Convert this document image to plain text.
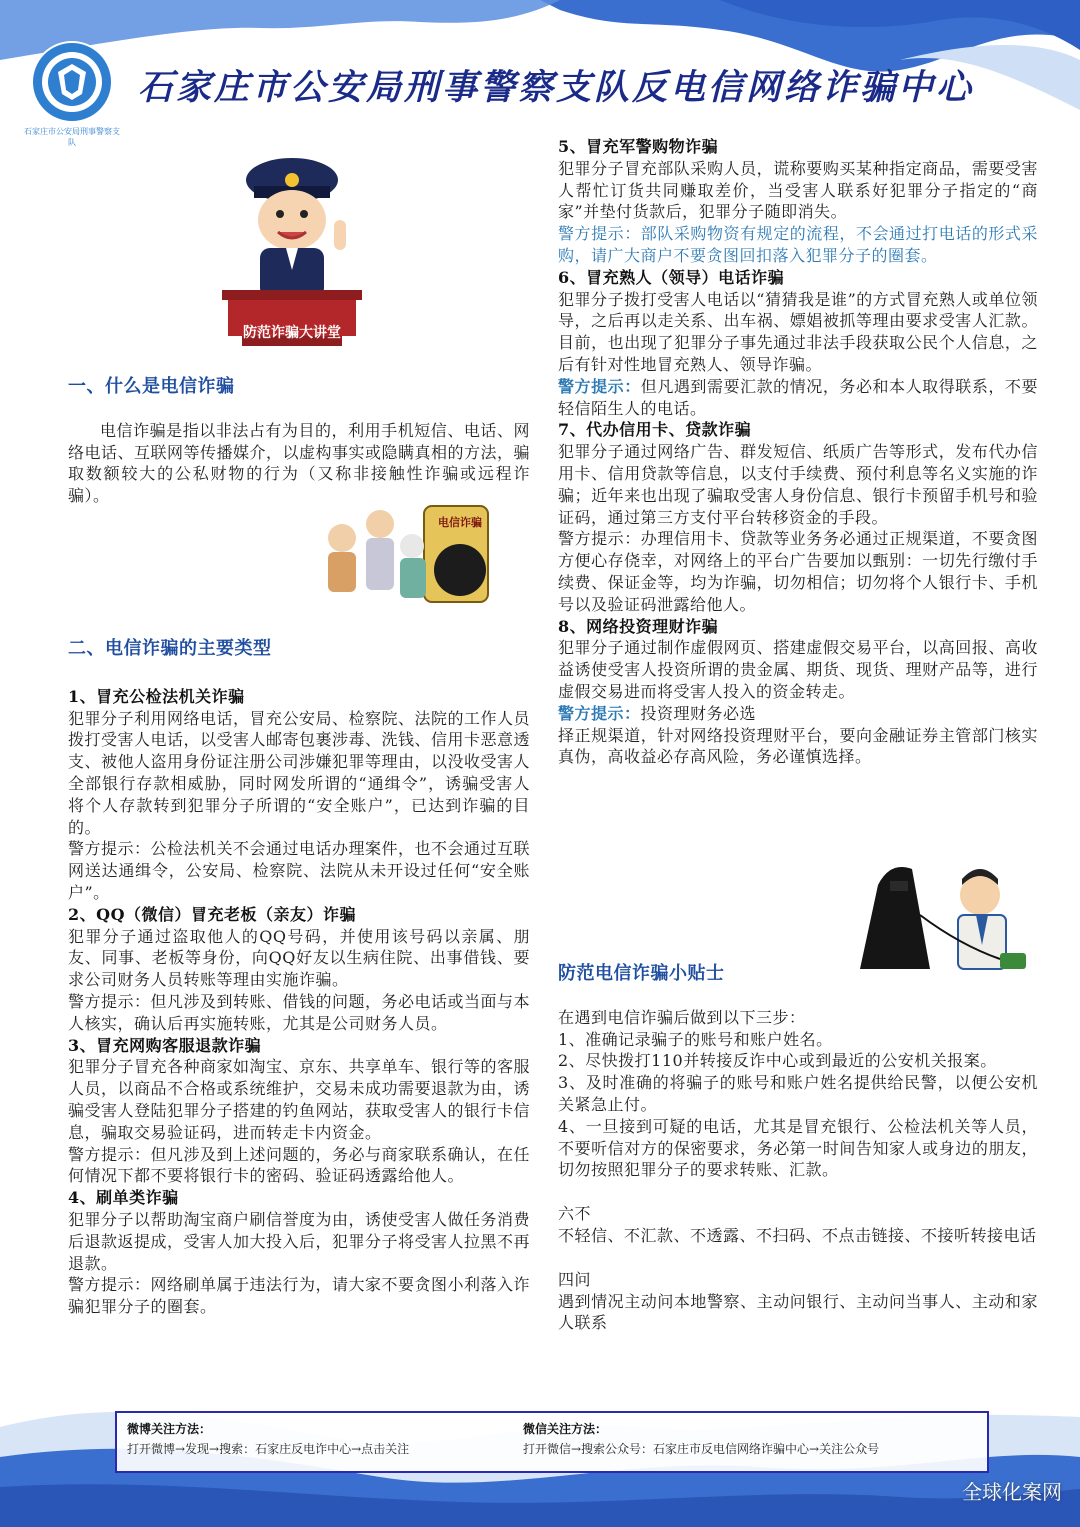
石家庄市公安局刑事警察支队
石家庄市公安局刑事警察支队反电信网络诈骗中心
防范诈骗大讲堂
电信诈骗
一、什么是电信诈骗

电信诈骗是指以非法占有为目的，利用手机短信、电话、网络电话、互联网等传播媒介，以虚构事实或隐瞒真相的方法，骗取数额较大的公私财物的行为（又称非接触性诈骗或远程诈骗）。

二、电信诈骗的主要类型
1、冒充公检法机关诈骗

犯罪分子利用网络电话，冒充公安局、检察院、法院的工作人员拨打受害人电话，以受害人邮寄包裹涉毒、洗钱、信用卡恶意透支、被他人盗用身份证注册公司涉嫌犯罪等理由，以没收受害人全部银行存款相威胁，同时网发所谓的“通缉令”，诱骗受害人将个人存款转到犯罪分子所谓的“安全账户”，已达到诈骗的目的。

警方提示：公检法机关不会通过电话办理案件，也不会通过互联网送达通缉令，公安局、检察院、法院从未开设过任何“安全账户”。

2、QQ（微信）冒充老板（亲友）诈骗

犯罪分子通过盗取他人的QQ号码，并使用该号码以亲属、朋友、同事、老板等身份，向QQ好友以生病住院、出事借钱、要求公司财务人员转账等理由实施诈骗。

警方提示：但凡涉及到转账、借钱的问题，务必电话或当面与本人核实，确认后再实施转账，尤其是公司财务人员。

3、冒充网购客服退款诈骗

犯罪分子冒充各种商家如淘宝、京东、共享单车、银行等的客服人员，以商品不合格或系统维护，交易未成功需要退款为由，诱骗受害人登陆犯罪分子搭建的钓鱼网站，获取受害人的银行卡信息，骗取交易验证码，进而转走卡内资金。

警方提示：但凡涉及到上述问题的，务必与商家联系确认，在任何情况下都不要将银行卡的密码、验证码透露给他人。

4、刷单类诈骗

犯罪分子以帮助淘宝商户刷信誉度为由，诱使受害人做任务消费后退款返提成，受害人加大投入后，犯罪分子将受害人拉黑不再退款。

警方提示：网络刷单属于违法行为，请大家不要贪图小利落入诈骗犯罪分子的圈套。

5、冒充军警购物诈骗

犯罪分子冒充部队采购人员，谎称要购买某种指定商品，需要受害人帮忙订货共同赚取差价，当受害人联系好犯罪分子指定的“商家”并垫付货款后，犯罪分子随即消失。

警方提示：部队采购物资有规定的流程，不会通过打电话的形式采购，请广大商户不要贪图回扣落入犯罪分子的圈套。

6、冒充熟人（领导）电话诈骗

犯罪分子拨打受害人电话以“猜猜我是谁”的方式冒充熟人或单位领导，之后再以走关系、出车祸、嫖娼被抓等理由要求受害人汇款。目前，也出现了犯罪分子事先通过非法手段获取公民个人信息，之后有针对性地冒充熟人、领导诈骗。

警方提示：但凡遇到需要汇款的情况，务必和本人取得联系，不要轻信陌生人的电话。

7、代办信用卡、贷款诈骗

犯罪分子通过网络广告、群发短信、纸质广告等形式，发布代办信用卡、信用贷款等信息，以支付手续费、预付利息等名义实施的诈骗；近年来也出现了骗取受害人身份信息、银行卡预留手机号和验证码，通过第三方支付平台转移资金的手段。

警方提示：办理信用卡、贷款等业务务必通过正规渠道，不要贪图方便心存侥幸，对网络上的平台广告要加以甄别：一切先行缴付手续费、保证金等，均为诈骗，切勿相信；切勿将个人银行卡、手机号以及验证码泄露给他人。

8、网络投资理财诈骗

犯罪分子通过制作虚假网页、搭建虚假交易平台，以高回报、高收益诱使受害人投资所谓的贵金属、期货、现货、理财产品等，进行虚假交易进而将受害人投入的资金转走。

警方提示：投资理财务必选

择正规渠道，针对网络投资理财平台，要向金融证券主管部门核实真伪，高收益必存高风险，务必谨慎选择。

防范电信诈骗小贴士

在遇到电信诈骗后做到以下三步：

1、准确记录骗子的账号和账户姓名。

2、尽快拨打110并转接反诈中心或到最近的公安机关报案。

3、及时准确的将骗子的账号和账户姓名提供给民警，以便公安机关紧急止付。

4、一旦接到可疑的电话，尤其是冒充银行、公检法机关等人员，不要听信对方的保密要求，务必第一时间告知家人或身边的朋友，切勿按照犯罪分子的要求转账、汇款。

六不

不轻信、不汇款、不透露、不扫码、不点击链接、不接听转接电话

四问

遇到情况主动问本地警察、主动问银行、主动问当事人、主动和家人联系

微博关注方法：
打开微博→发现→搜索：石家庄反电诈中心→点击关注
微信关注方法：
打开微信→搜索公众号：石家庄市反电信网络诈骗中心→关注公众号
全球化案网
